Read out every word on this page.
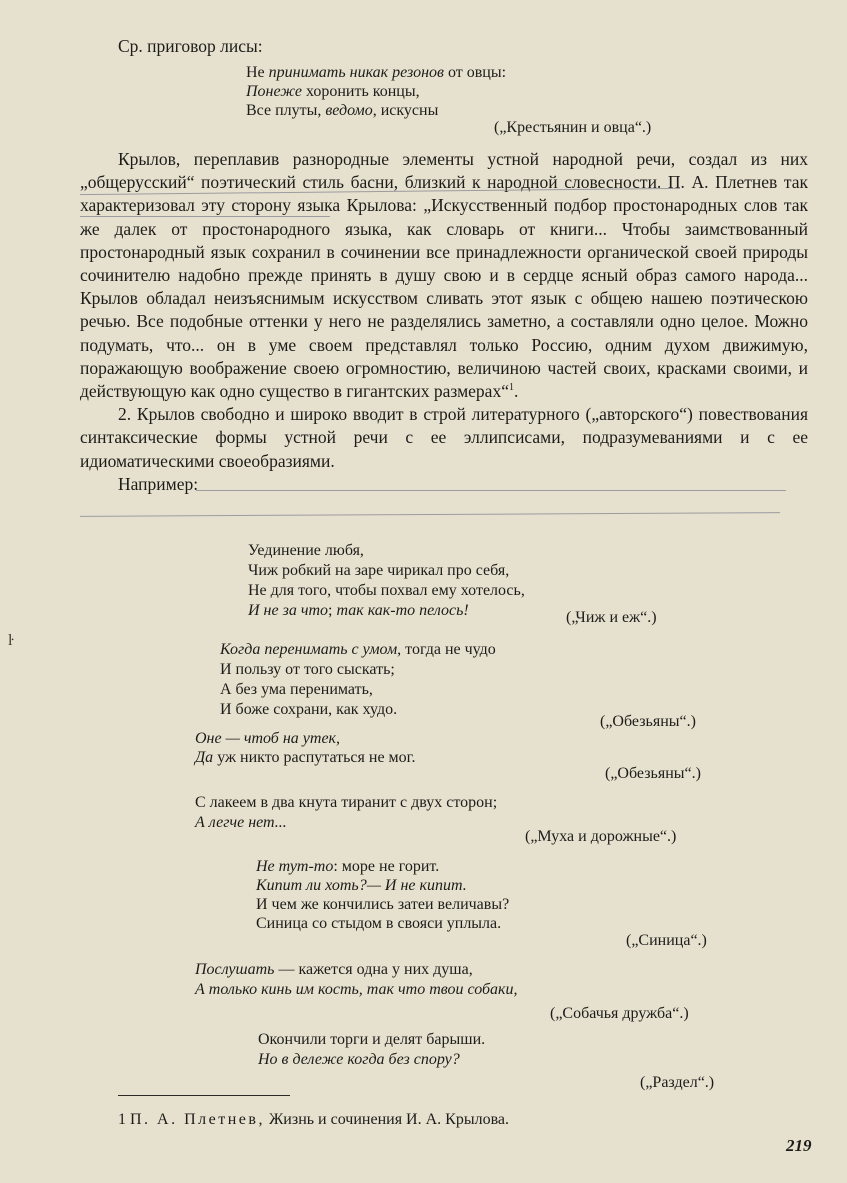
Ср. приговор лисы:
Не принимать никак резонов от овцы:
Понеже хоронить концы,
Все плуты, ведомо, искусны
(„Крестьянин и овца“.)

Крылов, переплавив разнородные элементы устной народной речи, создал из них „общерусский“ поэтический стиль басни, близкий к народной словесности. П. А. Плетнев так характеризовал эту сторону языка Крылова: „Искусственный подбор простонародных слов так же далек от простонародного языка, как словарь от книги... Чтобы заимствованный простонародный язык сохранил в сочинении все принадлежности органической своей природы сочинителю надобно прежде принять в душу свою и в сердце ясный образ самого народа... Крылов обладал неизъяснимым искусством сливать этот язык с общею нашею поэтическою речью. Все подобные оттенки у него не разделялись заметно, а составляли одно целое. Можно подумать, что... он в уме своем представлял только Россию, одним духом движимую, поражающую воображение своею огромностию, величиною частей своих, красками своими, и действующую как одно существо в гигантских размерах“$^1$.

2. Крылов свободно и широко вводит в строй литературного („авторского“) повествования синтаксические формы устной речи с ее эллипсисами, подразумеваниями и с ее идиоматическими своеобразиями.

Например:

Уединение любя,
Чиж робкий на заре чирикал про себя,
Не для того, чтобы похвал ему хотелось,
И не за что; так как-то пелось!	(„Чиж и еж“.)
Когда перенимать с умом, тогда не чудо
И пользу от того сыскать;
А без ума перенимать,
И боже сохрани, как худо.
(„Обезьяны“.)
Оне — чтоб на утек,
Да уж никто распутаться не мог.
(„Обезьяны“.)
С лакеем в два кнута тиранит с двух сторон;
А легче нет...
(„Муха и дорожные“.)
Не тут-то: море не горит.
Кипит ли хоть?— И не кипит.
И чем же кончились затеи величавы?
Синица со стыдом в свояси уплыла.
(„Синица“.)
Послушать — кажется одна у них душа,
А только кинь им кость, так что твои собаки,
(„Собачья дружба“.)
Окончили торги и делят барыши.
Но в дележе когда без спору?
(„Раздел“.)
ŀ
1 П. А. Плетнев, Жизнь и сочинения И. А. Крылова.
219
